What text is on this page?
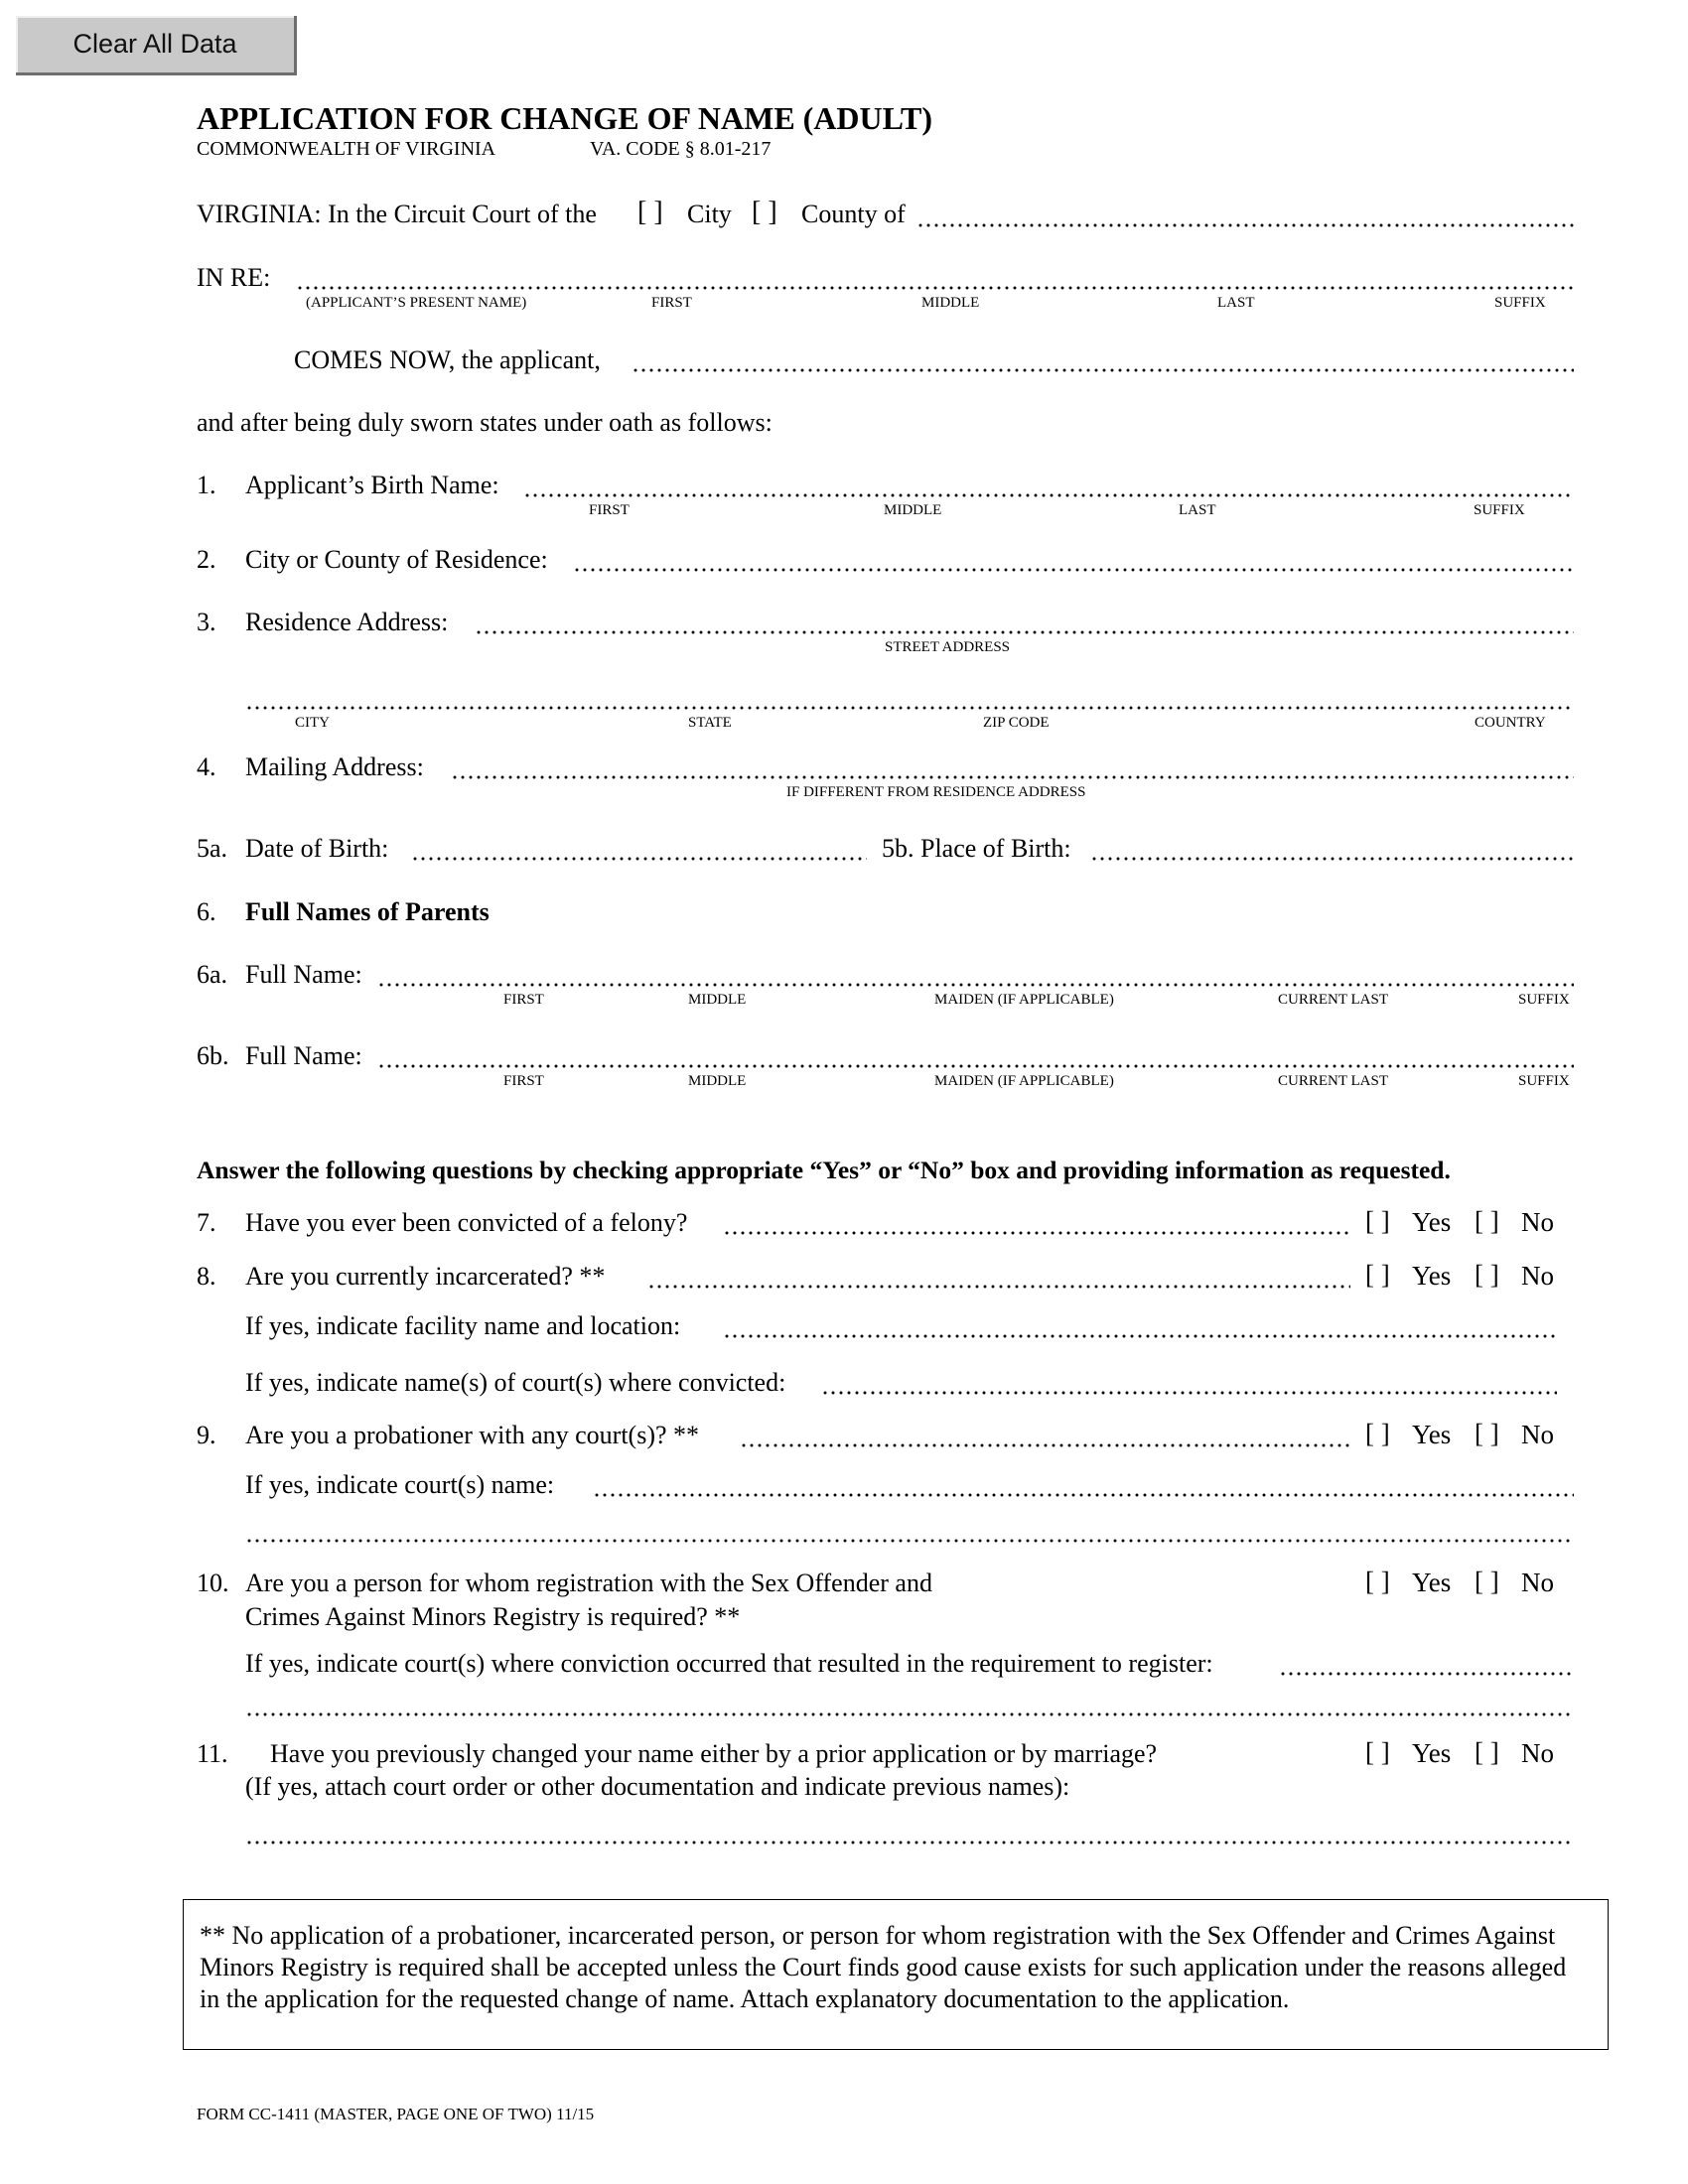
Clear All Data
APPLICATION FOR CHANGE OF NAME (ADULT)
COMMONWEALTH OF VIRGINIA	VA. CODE § 8.01-217
VIRGINIA: In the Circuit Court of the [ ] City [ ] County of
IN RE:
(APPLICANT’S PRESENT NAME)	FIRST	MIDDLE	LAST	SUFFIX
COMES NOW, the applicant,
and after being duly sworn states under oath as follows:
1. Applicant’s Birth Name:
FIRST	MIDDLE	LAST	SUFFIX
2. City or County of Residence:
3. Residence Address:
STREET ADDRESS
CITY	STATE	ZIP CODE	COUNTRY
4. Mailing Address:
IF DIFFERENT FROM RESIDENCE ADDRESS
5a. Date of Birth:	5b. Place of Birth:
6. Full Names of Parents
6a. Full Name:
FIRST	MIDDLE	MAIDEN (IF APPLICABLE)	CURRENT LAST	SUFFIX
6b. Full Name:
FIRST	MIDDLE	MAIDEN (IF APPLICABLE)	CURRENT LAST	SUFFIX
Answer the following questions by checking appropriate “Yes” or “No” box and providing information as requested.
7. Have you ever been convicted of a felony?	[ ] Yes [ ] No
8. Are you currently incarcerated? **	[ ] Yes [ ] No
If yes, indicate facility name and location:
If yes, indicate name(s) of court(s) where convicted:
9. Are you a probationer with any court(s)? **	[ ] Yes [ ] No
If yes, indicate court(s) name:
10. Are you a person for whom registration with the Sex Offender and
Crimes Against Minors Registry is required? **
[ ] Yes [ ] No
If yes, indicate court(s) where conviction occurred that resulted in the requirement to register:
11. Have you previously changed your name either by a prior application or by marriage?
(If yes, attach court order or other documentation and indicate previous names):
[ ] Yes [ ] No

** No application of a probationer, incarcerated person, or person for whom registration with the Sex Offender and Crimes Against Minors Registry is required shall be accepted unless the Court finds good cause exists for such application under the reasons alleged in the application for the requested change of name. Attach explanatory documentation to the application.

FORM CC-1411 (MASTER, PAGE ONE OF TWO) 11/15
